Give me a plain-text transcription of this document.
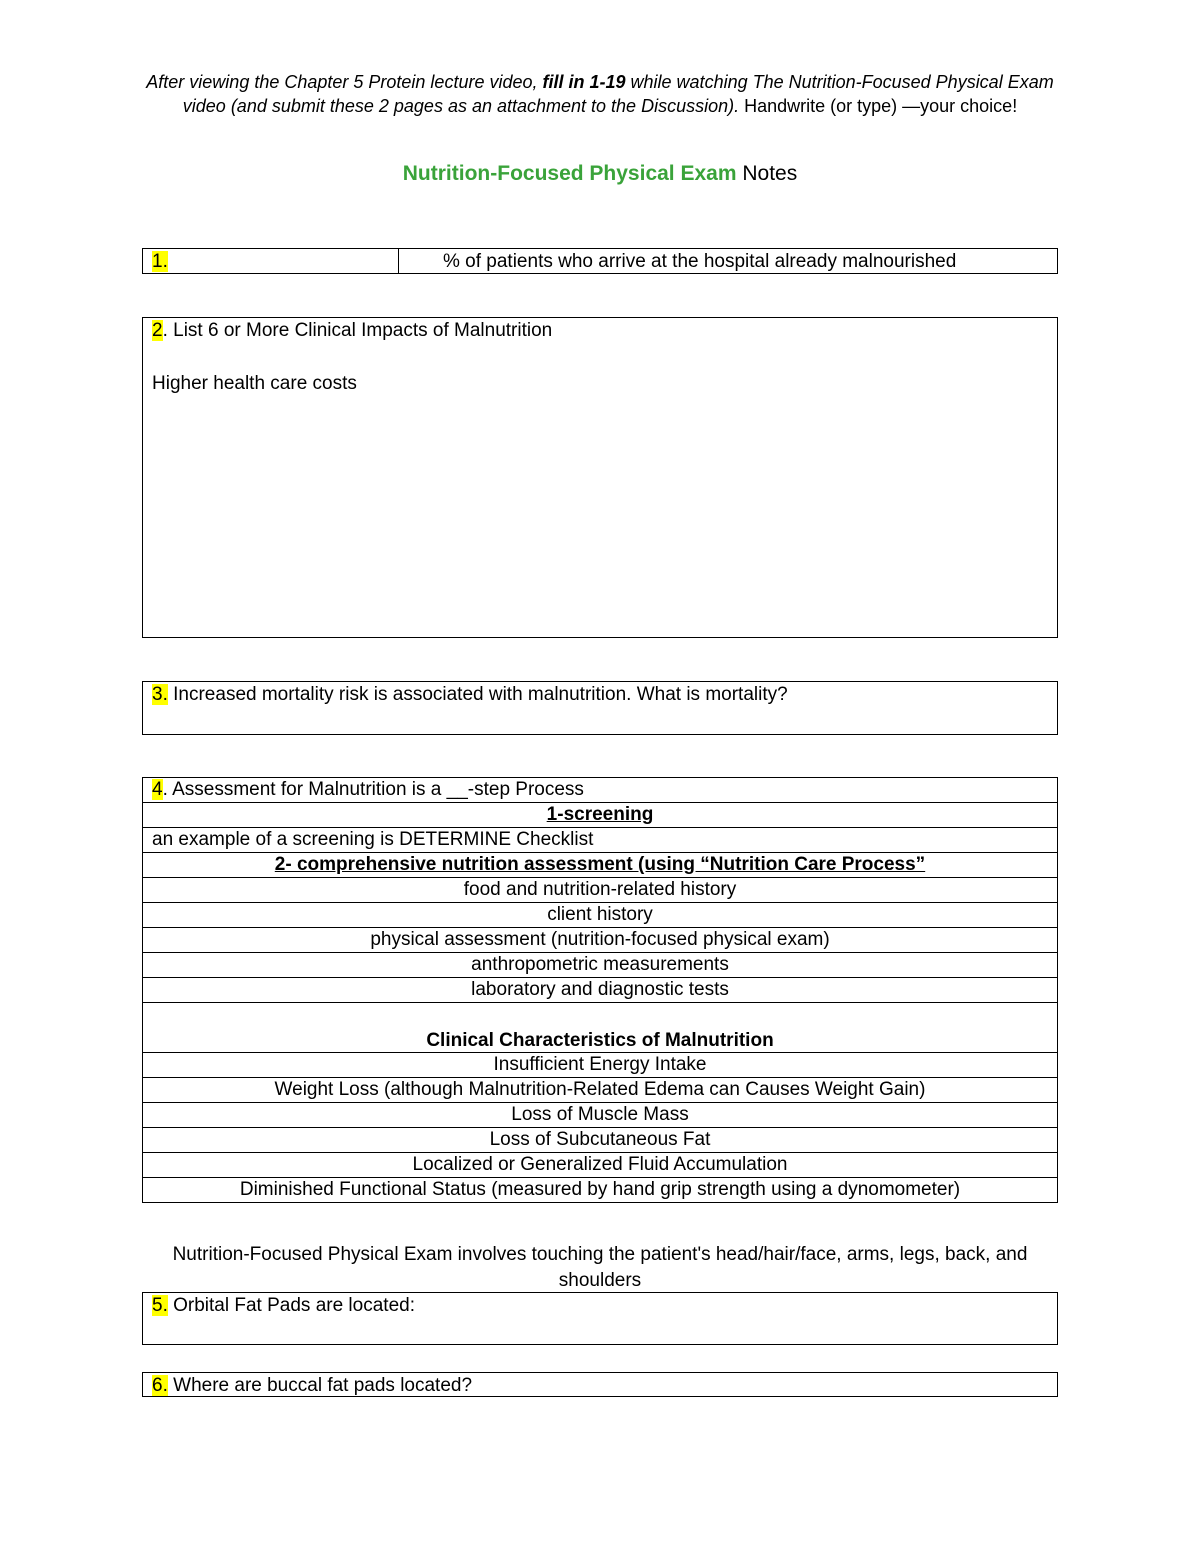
After viewing the Chapter 5 Protein lecture video, fill in 1-19 while watching The Nutrition-Focused Physical Exam video (and submit these 2 pages as an attachment to the Discussion). Handwrite (or type) —your choice!
Nutrition-Focused Physical Exam Notes
1.	% of patients who arrive at the hospital already malnourished
2. List 6 or More Clinical Impacts of Malnutrition
Higher health care costs
3. Increased mortality risk is associated with malnutrition. What is mortality?
4. Assessment for Malnutrition is a __-step Process
1-screening
an example of a screening is DETERMINE Checklist
2- comprehensive nutrition assessment (using “Nutrition Care Process”
food and nutrition-related history
client history
physical assessment (nutrition-focused physical exam)
anthropometric measurements
laboratory and diagnostic tests
Clinical Characteristics of Malnutrition
Insufficient Energy Intake
Weight Loss (although Malnutrition-Related Edema can Causes Weight Gain)
Loss of Muscle Mass
Loss of Subcutaneous Fat
Localized or Generalized Fluid Accumulation
Diminished Functional Status (measured by hand grip strength using a dynomometer)
Nutrition-Focused Physical Exam involves touching the patient's head/hair/face, arms, legs, back, and shoulders
5. Orbital Fat Pads are located:
6. Where are buccal fat pads located?
